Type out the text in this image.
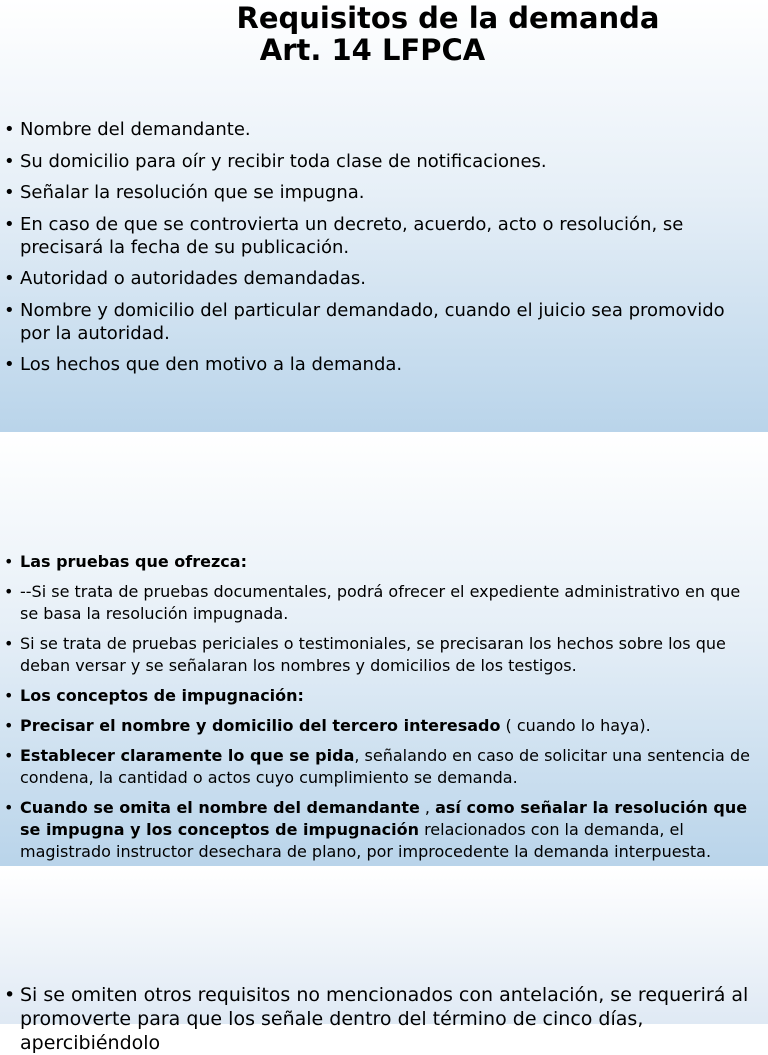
Requisitos de la demanda
Art. 14 LFPCA
• Nombre del demandante.
• Su domicilio para oír y recibir toda clase de notificaciones.
• Señalar la resolución que se impugna.
• En caso de que se controvierta un decreto, acuerdo, acto o resolución, se precisará la fecha de su publicación.
• Autoridad o autoridades demandadas.
• Nombre y domicilio del particular demandado, cuando el juicio sea promovido por la autoridad.
• Los hechos que den motivo a la demanda.
• Las pruebas que ofrezca:
• --Si se trata de pruebas documentales, podrá ofrecer el expediente administrativo en que se basa la resolución impugnada.
• Si se trata de pruebas periciales o testimoniales, se precisaran los hechos sobre los que deban versar y se señalaran los nombres y domicilios de los testigos.
• Los conceptos de impugnación:
• Precisar el nombre y domicilio del tercero interesado ( cuando lo haya).
• Establecer claramente lo que se pida, señalando en caso de solicitar una sentencia de condena, la cantidad o actos cuyo cumplimiento se demanda.
• Cuando se omita el nombre del demandante , así como señalar la resolución que se impugna y los conceptos de impugnación relacionados con la demanda, el magistrado instructor desechara de plano, por improcedente la demanda interpuesta.
• Si se omiten otros requisitos no mencionados con antelación, se requerirá al promoverte para que los señale dentro del término de cinco días, apercibiéndolo
